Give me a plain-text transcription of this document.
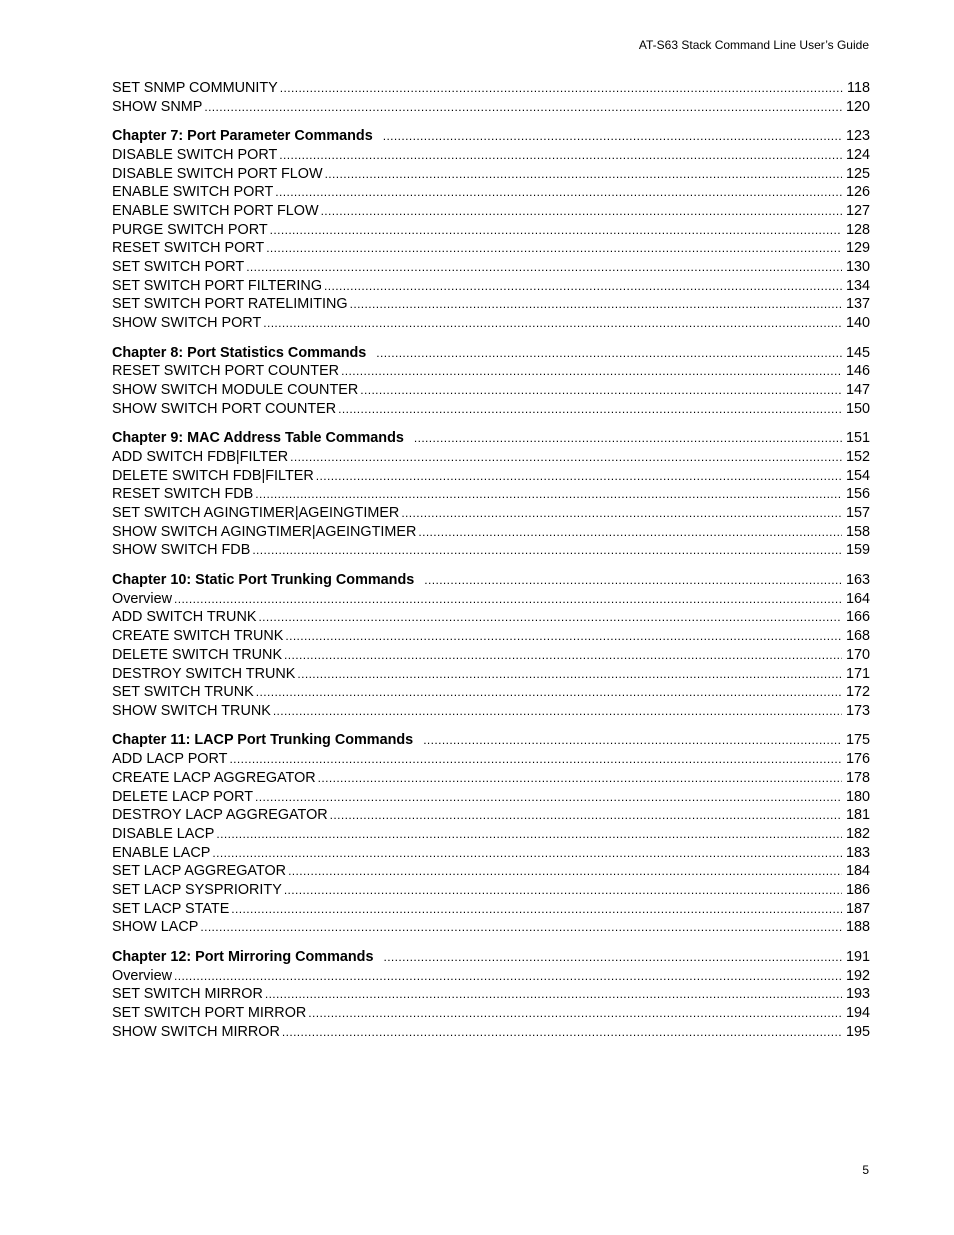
AT-S63 Stack Command Line User’s Guide
SET SNMP COMMUNITY .....	118
SHOW SNMP .....	120
Chapter 7: Port Parameter Commands .....	123
DISABLE SWITCH PORT .....	124
DISABLE SWITCH PORT FLOW .....	125
ENABLE SWITCH PORT .....	126
ENABLE SWITCH PORT FLOW .....	127
PURGE SWITCH PORT .....	128
RESET SWITCH PORT .....	129
SET SWITCH PORT .....	130
SET SWITCH PORT FILTERING .....	134
SET SWITCH PORT RATELIMITING .....	137
SHOW SWITCH PORT .....	140
Chapter 8: Port Statistics Commands .....	145
RESET SWITCH PORT COUNTER .....	146
SHOW SWITCH MODULE COUNTER .....	147
SHOW SWITCH PORT COUNTER .....	150
Chapter 9: MAC Address Table Commands .....	151
ADD SWITCH FDB|FILTER .....	152
DELETE SWITCH FDB|FILTER .....	154
RESET SWITCH FDB .....	156
SET SWITCH AGINGTIMER|AGEINGTIMER .....	157
SHOW SWITCH AGINGTIMER|AGEINGTIMER .....	158
SHOW SWITCH FDB .....	159
Chapter 10: Static Port Trunking Commands .....	163
Overview .....	164
ADD SWITCH TRUNK .....	166
CREATE SWITCH TRUNK .....	168
DELETE SWITCH TRUNK .....	170
DESTROY SWITCH TRUNK .....	171
SET SWITCH TRUNK .....	172
SHOW SWITCH TRUNK .....	173
Chapter 11: LACP Port Trunking Commands .....	175
ADD LACP PORT .....	176
CREATE LACP AGGREGATOR .....	178
DELETE LACP PORT .....	180
DESTROY LACP AGGREGATOR .....	181
DISABLE LACP .....	182
ENABLE LACP .....	183
SET LACP AGGREGATOR .....	184
SET LACP SYSPRIORITY .....	186
SET LACP STATE .....	187
SHOW LACP .....	188
Chapter 12: Port Mirroring Commands .....	191
Overview .....	192
SET SWITCH MIRROR .....	193
SET SWITCH PORT MIRROR .....	194
SHOW SWITCH MIRROR .....	195
5
